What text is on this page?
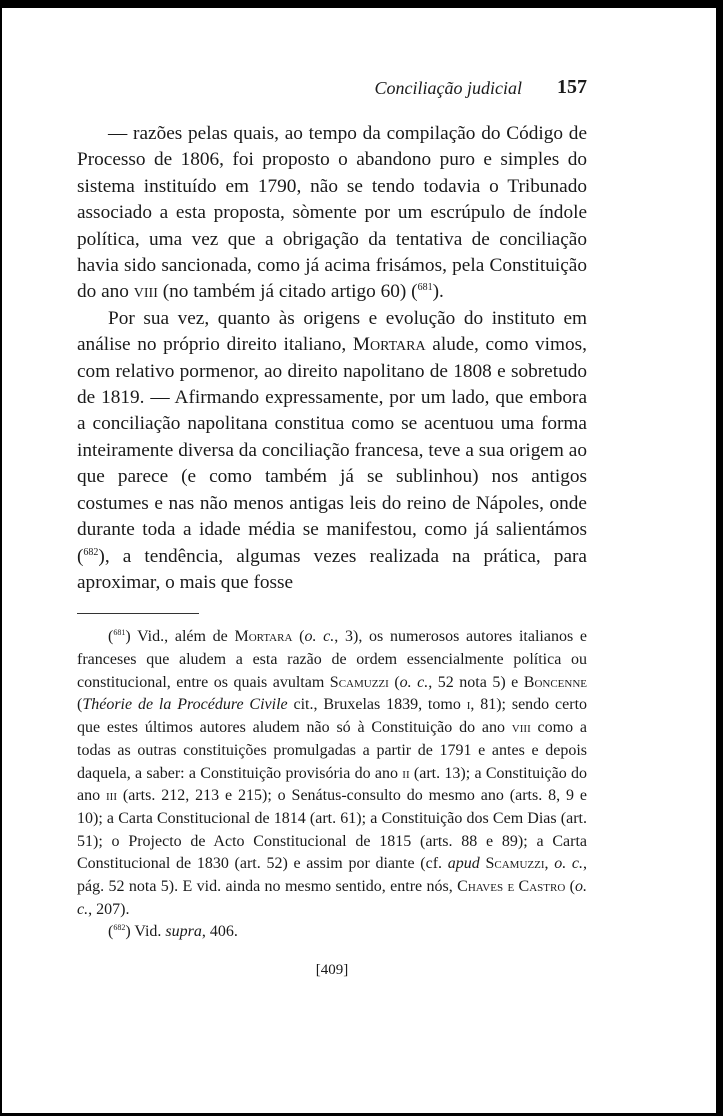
Conciliação judicial 157

— razões pelas quais, ao tempo da compilação do Código de Processo de 1806, foi proposto o abandono puro e simples do sistema instituído em 1790, não se tendo todavia o Tribunado associado a esta proposta, sòmente por um escrúpulo de índole política, uma vez que a obrigação da tentativa de conciliação havia sido sancionada, como já acima frisámos, pela Constituição do ano viii (no também já citado artigo 60) ($^{681}$).

Por sua vez, quanto às origens e evolução do instituto em análise no próprio direito italiano, Mortara alude, como vimos, com relativo pormenor, ao direito napolitano de 1808 e sobretudo de 1819. — Afirmando expressamente, por um lado, que embora a conciliação napolitana constitua como se acentuou uma forma inteiramente diversa da conciliação francesa, teve a sua origem ao que parece (e como também já se sublinhou) nos antigos costumes e nas não menos antigas leis do reino de Nápoles, onde durante toda a idade média se manifestou, como já salientámos ($^{682}$), a tendência, algumas vezes realizada na prática, para aproximar, o mais que fosse

($^{681}$) Vid., além de Mortara (o. c., 3), os numerosos autores italianos e franceses que aludem a esta razão de ordem essencialmente política ou constitucional, entre os quais avultam Scamuzzi (o. c., 52 nota 5) e Boncenne (Théorie de la Procédure Civile cit., Bruxelas 1839, tomo i, 81); sendo certo que estes últimos autores aludem não só à Constituição do ano viii como a todas as outras constituições promulgadas a partir de 1791 e antes e depois daquela, a saber: a Constituição provisória do ano ii (art. 13); a Constituição do ano iii (arts. 212, 213 e 215); o Senátus-consulto do mesmo ano (arts. 8, 9 e 10); a Carta Constitucional de 1814 (art. 61); a Constituição dos Cem Dias (art. 51); o Projecto de Acto Constitucional de 1815 (arts. 88 e 89); a Carta Constitucional de 1830 (art. 52) e assim por diante (cf. apud Scamuzzi, o. c., pág. 52 nota 5). E vid. ainda no mesmo sentido, entre nós, Chaves e Castro (o. c., 207).

($^{682}$) Vid. supra, 406.

[409]
